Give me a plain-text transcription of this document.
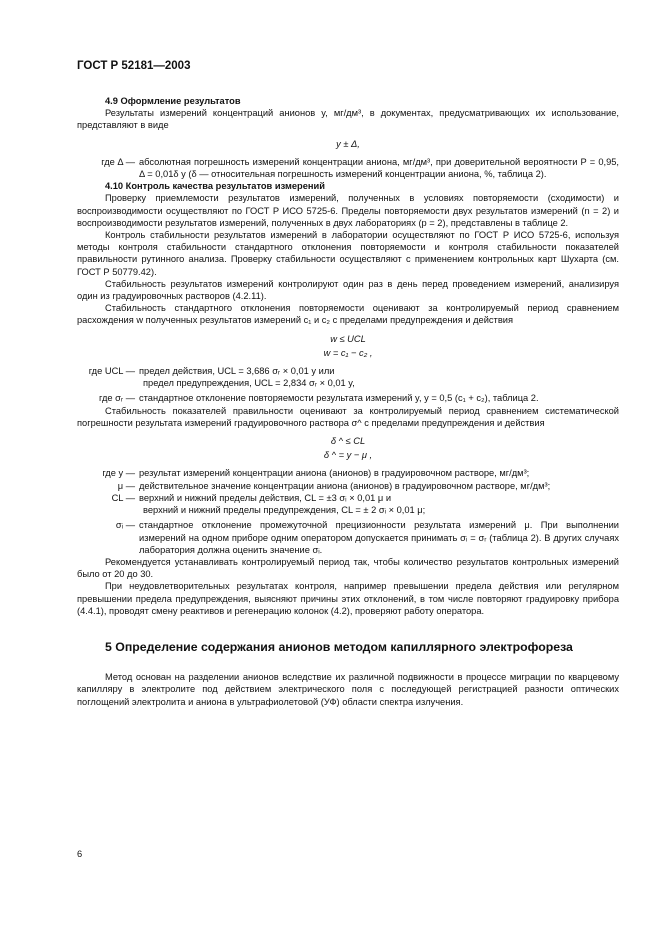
ГОСТ Р 52181—2003
4.9 Оформление результатов

Результаты измерений концентраций анионов y, мг/дм³, в документах, предусматривающих их использование, представляют в виде

y ± Δ,
где Δ — абсолютная погрешность измерений концентрации аниона, мг/дм³, при доверительной вероятности P = 0,95, Δ = 0,01δ y (δ — относительная погрешность измерений концентрации аниона, %, таблица 2).
4.10 Контроль качества результатов измерений

Проверку приемлемости результатов измерений, полученных в условиях повторяемости (сходимости) и воспроизводимости осуществляют по ГОСТ Р ИСО 5725-6. Пределы повторяемости двух результатов измерений (n = 2) и воспроизводимости результатов измерений, полученных в двух лабораториях (p = 2), представлены в таблице 2.

Контроль стабильности результатов измерений в лаборатории осуществляют по ГОСТ Р ИСО 5725-6, используя методы контроля стабильности стандартного отклонения повторяемости и контроля стабильности показателей правильности рутинного анализа. Проверку стабильности осуществляют с применением контрольных карт Шухарта (см. ГОСТ Р 50779.42).

Стабильность результатов измерений контролируют один раз в день перед проведением измерений, анализируя один из градуировочных растворов (4.2.11).

Стабильность стандартного отклонения повторяемости оценивают за контролируемый период сравнением расхождения w полученных результатов измерений c₁ и c₂ с пределами предупреждения и действия

w ≤ UCL
w = c₁ − c₂ ,
где UCL — предел действия, UCL = 3,686 σᵣ × 0,01 y или
предел предупреждения, UCL = 2,834 σᵣ × 0,01 y,
где σᵣ — стандартное отклонение повторяемости результата измерений y, y = 0,5 (c₁ + c₂), таблица 2.

Стабильность показателей правильности оценивают за контролируемый период сравнением систематической погрешности результата измерений градуировочного раствора σ^ с пределами предупреждения и действия

δ ^ ≤ CL
δ ^ = y − μ ,
где y — результат измерений концентрации аниона (анионов) в градуировочном растворе, мг/дм³;
μ — действительное значение концентрации аниона (анионов) в градуировочном растворе, мг/дм³;
CL — верхний и нижний пределы действия, CL = ±3 σᵢ × 0,01 μ и
верхний и нижний пределы предупреждения, CL = ± 2 σᵢ × 0,01 μ;
σᵢ — стандартное отклонение промежуточной прецизионности результата измерений μ. При выполнении измерений на одном приборе одним оператором допускается принимать σᵢ = σᵣ (таблица 2). В других случаях лаборатория должна оценить значение σᵢ.

Рекомендуется устанавливать контролируемый период так, чтобы количество результатов контрольных измерений было от 20 до 30.

При неудовлетворительных результатах контроля, например превышении предела действия или регулярном превышении предела предупреждения, выясняют причины этих отклонений, в том числе повторяют градуировку прибора (4.4.1), проводят смену реактивов и регенерацию колонок (4.2), проверяют работу оператора.

5 Определение содержания анионов методом капиллярного электрофореза

Метод основан на разделении анионов вследствие их различной подвижности в процессе миграции по кварцевому капилляру в электролите под действием электрического поля с последующей регистрацией разности оптических поглощений электролита и аниона в ультрафиолетовой (УФ) области спектра излучения.

6
